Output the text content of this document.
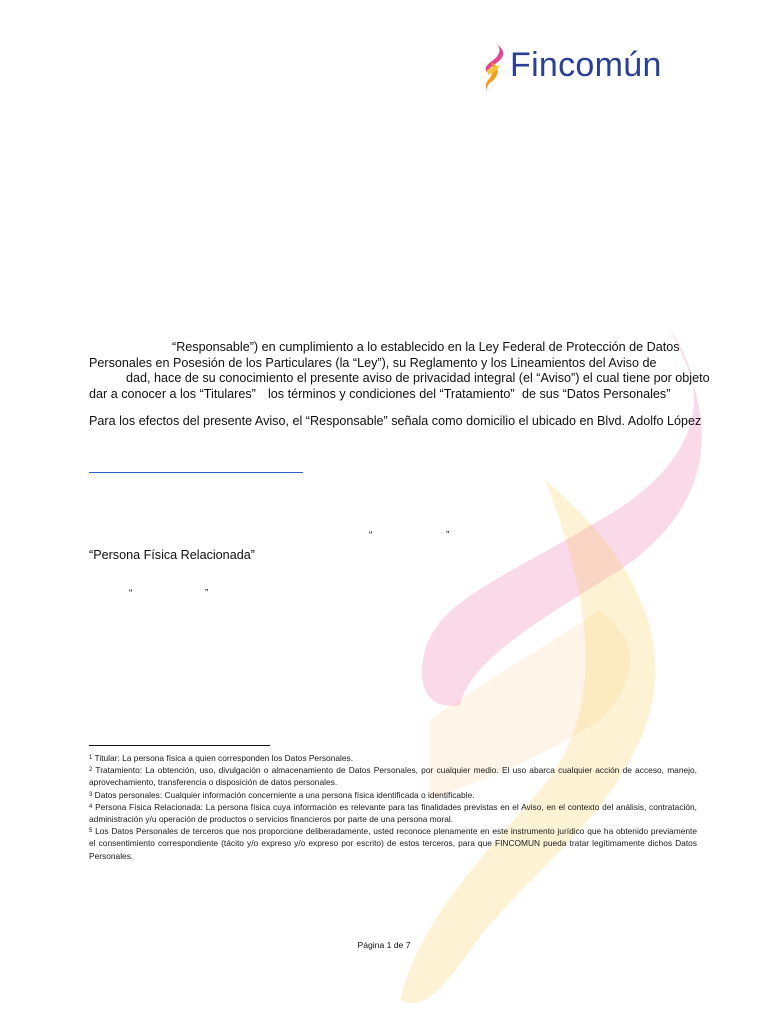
Fincomún
“Responsable”) en cumplimiento a lo establecido en la Ley Federal de Protección de Datos
Personales en Posesión de los Particulares (la “Ley”), su Reglamento y los Lineamientos del Aviso de
dad, hace de su conocimiento el presente aviso de privacidad integral (el “Aviso”) el cual tiene por objeto
dar a conocer a los “Titulares” los términos y condiciones del “Tratamiento” de sus “Datos Personales”
Para los efectos del presente Aviso, el “Responsable” señala como domicilio el ubicado en Blvd. Adolfo López
“	”
“Persona Física Relacionada”
“	”

$^1$ Titular: La persona física a quien corresponden los Datos Personales.

$^2$ Tratamiento: La obtención, uso, divulgación o almacenamiento de Datos Personales, por cualquier medio. El uso abarca cualquier acción de acceso, manejo, aprovechamiento, transferencia o disposición de datos personales.

$^3$ Datos personales: Cualquier información concerniente a una persona física identificada o identificable.

$^4$ Persona Física Relacionada: La persona física cuya información es relevante para las finalidades previstas en el Aviso, en el contexto del análisis, contratación, administración y/u operación de productos o servicios financieros por parte de una persona moral.

$^5$ Los Datos Personales de terceros que nos proporcione deliberadamente, usted reconoce plenamente en este instrumento jurídico que ha obtenido previamente el consentimiento correspondiente (tácito y/o expreso y/o expreso por escrito) de estos terceros, para que FINCOMUN pueda tratar legítimamente dichos Datos Personales.

Página 1 de 7
